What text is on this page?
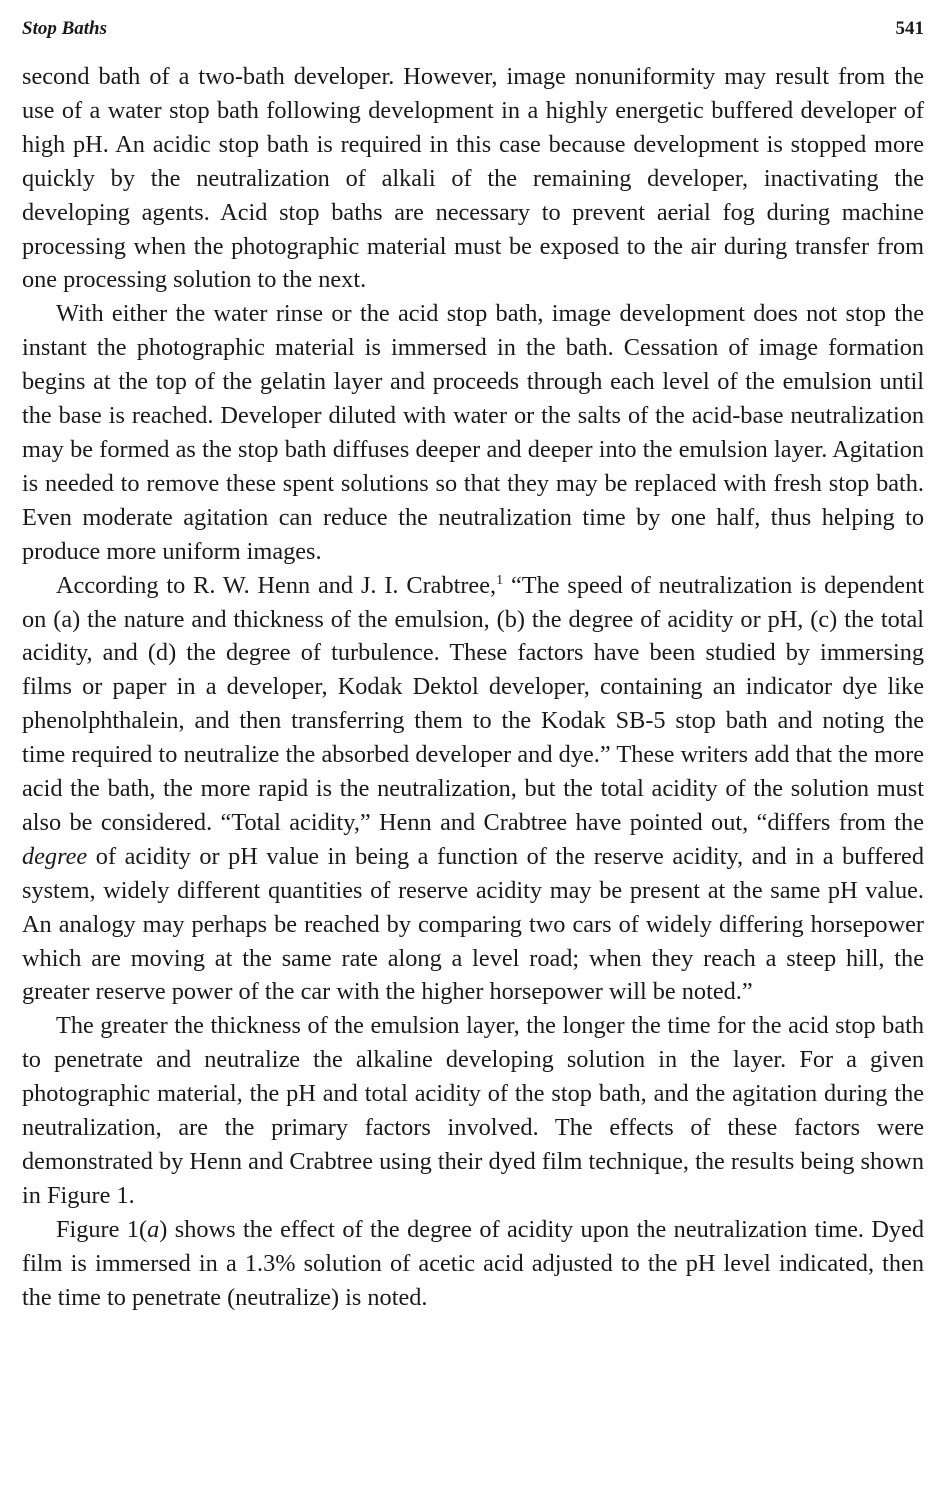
Stop Baths	541

second bath of a two-bath developer. However, image nonuniformity may result from the use of a water stop bath following development in a highly energetic buffered developer of high pH. An acidic stop bath is required in this case because development is stopped more quickly by the neutralization of alkali of the remaining developer, inactivating the developing agents. Acid stop baths are necessary to prevent aerial fog during machine processing when the photographic material must be exposed to the air during transfer from one processing solution to the next.

With either the water rinse or the acid stop bath, image development does not stop the instant the photographic material is immersed in the bath. Cessation of image formation begins at the top of the gelatin layer and proceeds through each level of the emulsion until the base is reached. Developer diluted with water or the salts of the acid-base neutralization may be formed as the stop bath diffuses deeper and deeper into the emulsion layer. Agitation is needed to remove these spent solutions so that they may be replaced with fresh stop bath. Even moderate agitation can reduce the neutralization time by one half, thus helping to produce more uniform images.

According to R. W. Henn and J. I. Crabtree,$^1$ “The speed of neutralization is dependent on (a) the nature and thickness of the emulsion, (b) the degree of acidity or pH, (c) the total acidity, and (d) the degree of turbulence. These factors have been studied by immersing films or paper in a developer, Kodak Dektol developer, containing an indicator dye like phenolphthalein, and then transferring them to the Kodak SB-5 stop bath and noting the time required to neutralize the absorbed developer and dye.” These writers add that the more acid the bath, the more rapid is the neutralization, but the total acidity of the solution must also be considered. “Total acidity,” Henn and Crabtree have pointed out, “differs from the degree of acidity or pH value in being a function of the reserve acidity, and in a buffered system, widely different quantities of reserve acidity may be present at the same pH value. An analogy may perhaps be reached by comparing two cars of widely differing horsepower which are moving at the same rate along a level road; when they reach a steep hill, the greater reserve power of the car with the higher horsepower will be noted.”

The greater the thickness of the emulsion layer, the longer the time for the acid stop bath to penetrate and neutralize the alkaline developing solution in the layer. For a given photographic material, the pH and total acidity of the stop bath, and the agitation during the neutralization, are the primary factors involved. The effects of these factors were demonstrated by Henn and Crabtree using their dyed film technique, the results being shown in Figure 1.

Figure 1(a) shows the effect of the degree of acidity upon the neutralization time. Dyed film is immersed in a 1.3% solution of acetic acid adjusted to the pH level indicated, then the time to penetrate (neutralize) is noted.
